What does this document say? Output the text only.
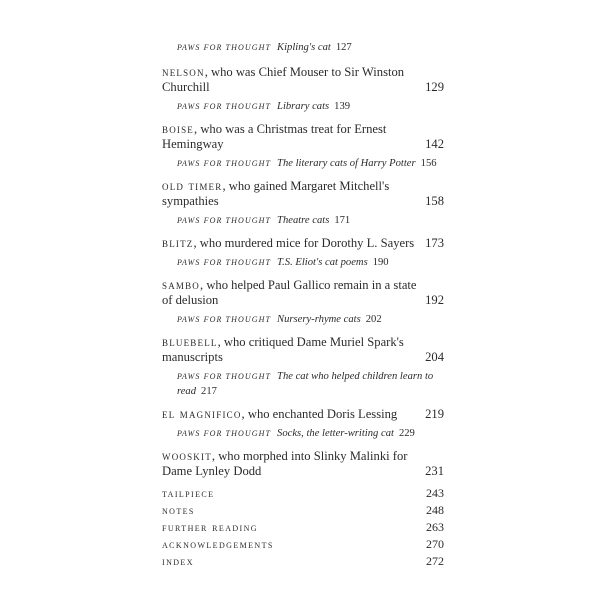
PAWS FOR THOUGHT Kipling's cat 127
nelson, who was Chief Mouser to Sir Winston Churchill	129
PAWS FOR THOUGHT Library cats 139
boise, who was a Christmas treat for Ernest Hemingway	142
PAWS FOR THOUGHT The literary cats of Harry Potter 156
old timer, who gained Margaret Mitchell's sympathies	158
PAWS FOR THOUGHT Theatre cats 171
blitz, who murdered mice for Dorothy L. Sayers 173
PAWS FOR THOUGHT T.S. Eliot's cat poems 190
sambo, who helped Paul Gallico remain in a state of delusion	192
PAWS FOR THOUGHT Nursery-rhyme cats 202
bluebell, who critiqued Dame Muriel Spark's manuscripts	204
PAWS FOR THOUGHT The cat who helped children learn to read 217
el magnifico, who enchanted Doris Lessing 219
PAWS FOR THOUGHT Socks, the letter-writing cat 229
wooskit, who morphed into Slinky Malinki for Dame Lynley Dodd	231
tailpiece	243
notes	248
further reading	263
acknowledgements	270
index	272
